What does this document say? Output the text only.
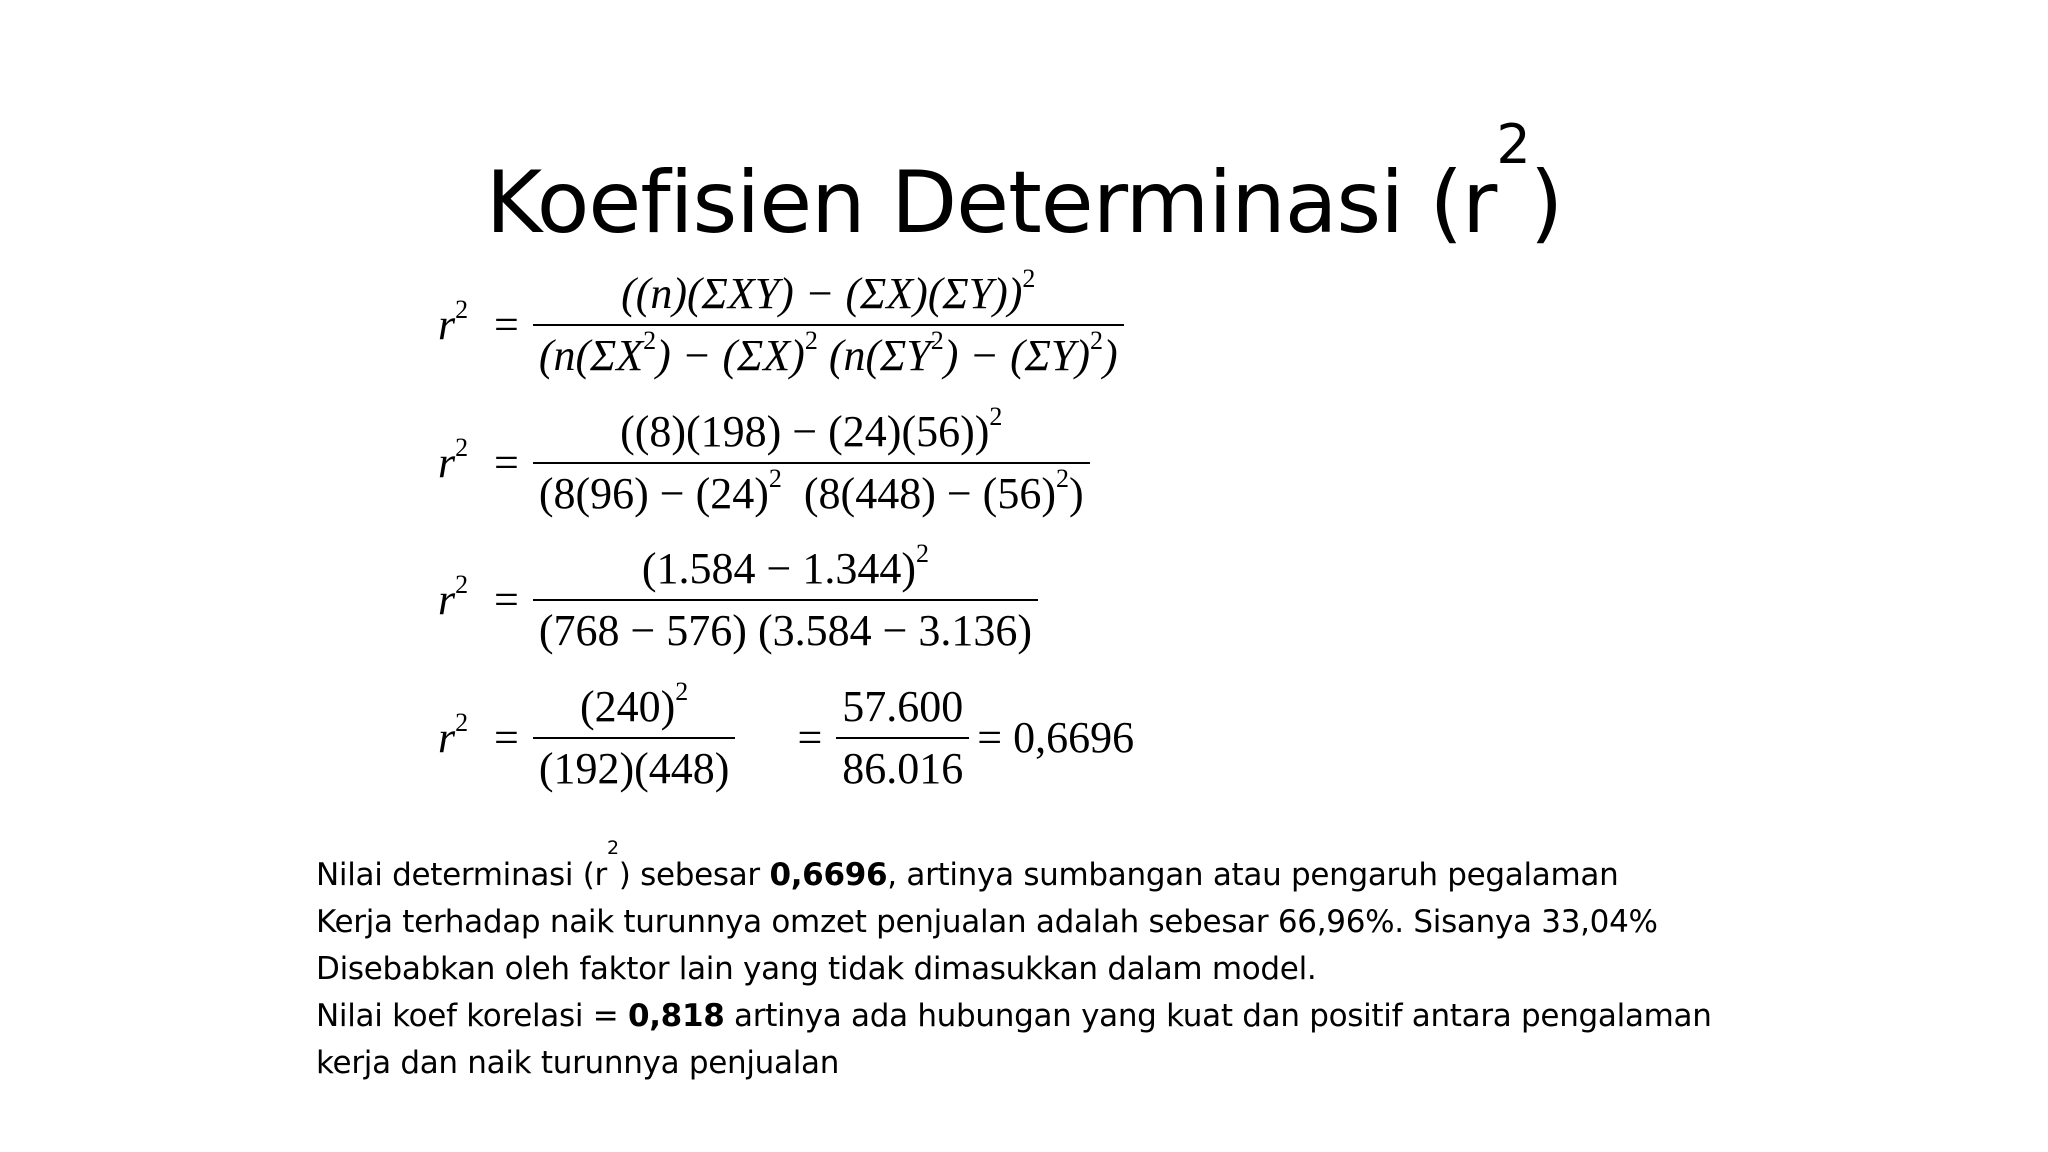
Koefisien Determinasi $(r^2)$
$r^2 = \frac{((n)(\Sigma XY) - (\Sigma X)(\Sigma Y))^2}{(n(\Sigma X^2) - (\Sigma X)^2 (n(\Sigma Y^2) - (\Sigma Y)^2)}$
$r^2 = \frac{((8)(198) - (24)(56))^2}{(8(96) - (24)^2 (8(448) - (56)^2)}$
$r^2 = \frac{(1.584 - 1.344)^2}{(768 - 576) (3.584 - 3.136)}$
$r^2 = \frac{(240)^2}{(192)(448)} = \frac{57.600}{86.016} = 0,6696$

Nilai determinasi $(r^2)$ sebesar 0,6696, artinya sumbangan atau pengaruh pegalaman

Kerja terhadap naik turunnya omzet penjualan adalah sebesar 66,96%. Sisanya 33,04%

Disebabkan oleh faktor lain yang tidak dimasukkan dalam model.

Nilai koef korelasi = 0,818 artinya ada hubungan yang kuat dan positif antara pengalaman

kerja dan naik turunnya penjualan
